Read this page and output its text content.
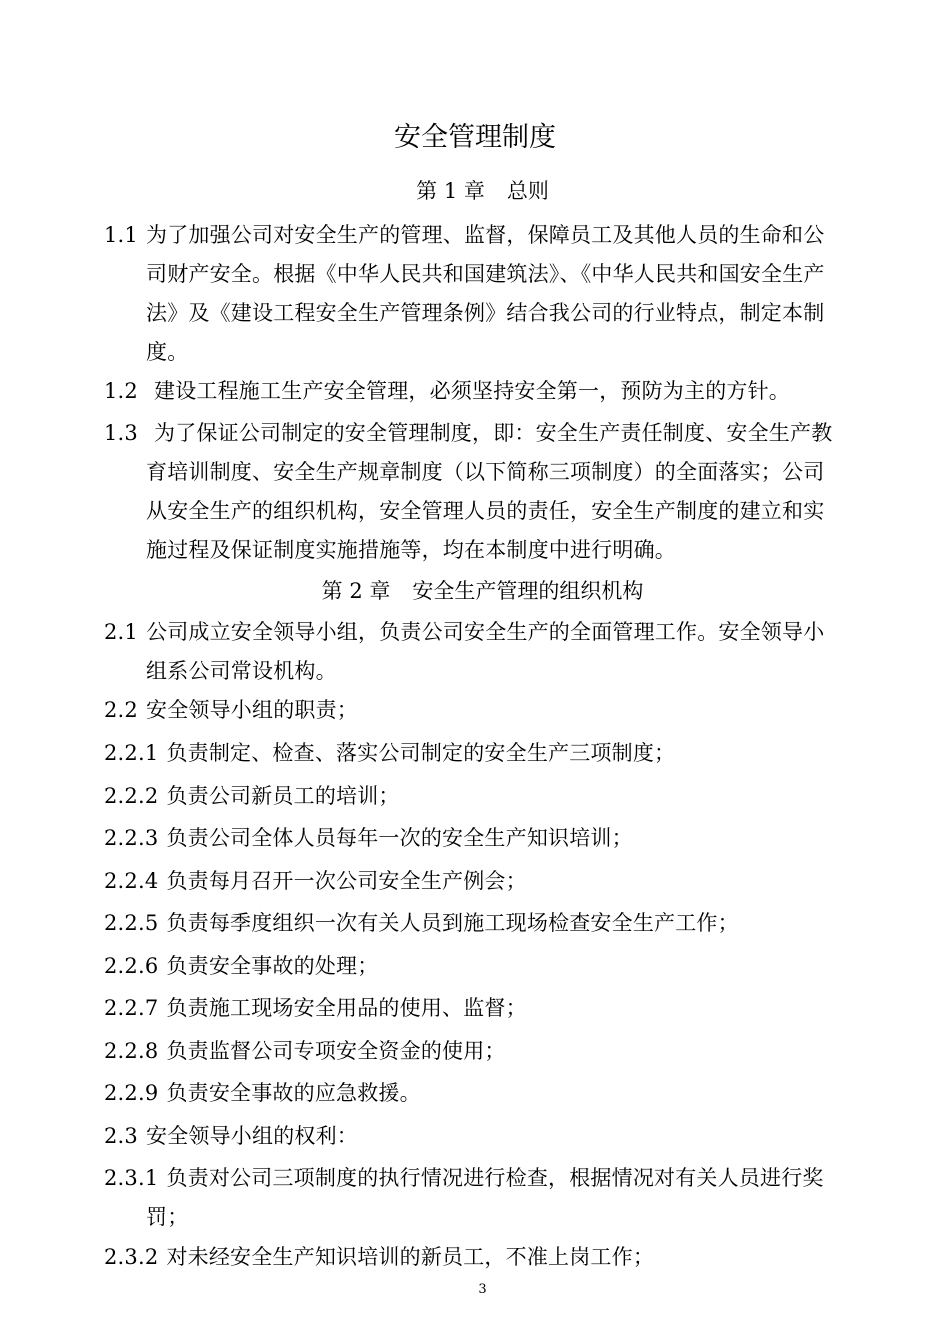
安全管理制度
第 1 章 总则
1.1 为了加强公司对安全生产的管理、监督，保障员工及其他人员的生命和公
司财产安全。根据《中华人民共和国建筑法》、《中华人民共和国安全生产
法》及《建设工程安全生产管理条例》结合我公司的行业特点，制定本制
度。
1.2 建设工程施工生产安全管理，必须坚持安全第一，预防为主的方针。
1.3 为了保证公司制定的安全管理制度，即：安全生产责任制度、安全生产教
育培训制度、安全生产规章制度（以下简称三项制度）的全面落实；公司
从安全生产的组织机构，安全管理人员的责任，安全生产制度的建立和实
施过程及保证制度实施措施等，均在本制度中进行明确。
第 2 章 安全生产管理的组织机构
2.1 公司成立安全领导小组，负责公司安全生产的全面管理工作。安全领导小
组系公司常设机构。
2.2 安全领导小组的职责；
2.2.1 负责制定、检查、落实公司制定的安全生产三项制度；
2.2.2 负责公司新员工的培训；
2.2.3 负责公司全体人员每年一次的安全生产知识培训；
2.2.4 负责每月召开一次公司安全生产例会；
2.2.5 负责每季度组织一次有关人员到施工现场检查安全生产工作；
2.2.6 负责安全事故的处理；
2.2.7 负责施工现场安全用品的使用、监督；
2.2.8 负责监督公司专项安全资金的使用；
2.2.9 负责安全事故的应急救援。
2.3 安全领导小组的权利：
2.3.1 负责对公司三项制度的执行情况进行检查，根据情况对有关人员进行奖
罚；
2.3.2 对未经安全生产知识培训的新员工，不准上岗工作；
3
